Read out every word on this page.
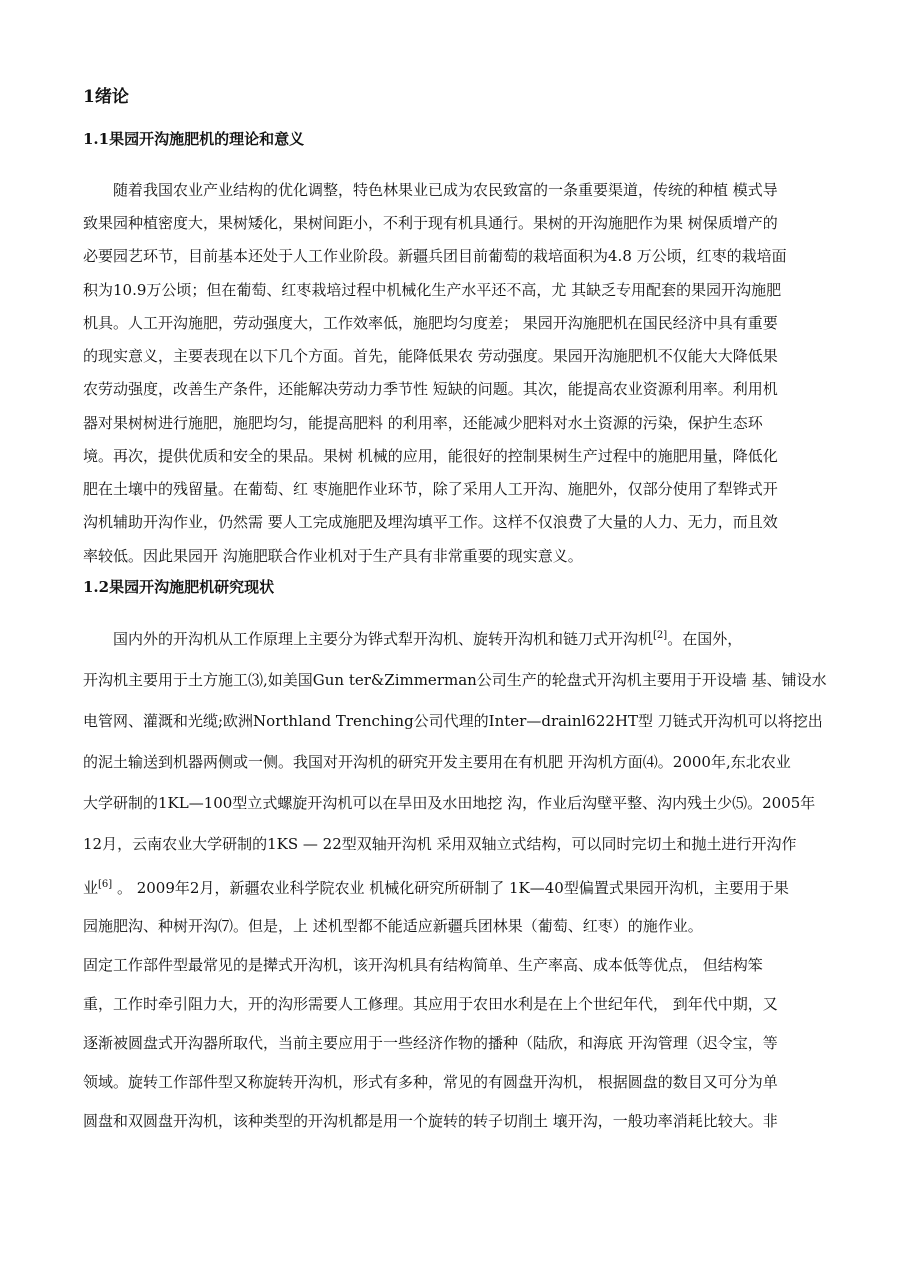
1绪论
1.1果园开沟施肥机的理论和意义

随着我国农业产业结构的优化调整，特色林果业已成为农民致富的一条重要渠道，传统的种植 模式导

致果园种植密度大，果树矮化，果树间距小，不利于现有机具通行。果树的开沟施肥作为果 树保质增产的

必要园艺环节，目前基本还处于人工作业阶段。新疆兵团目前葡萄的栽培面积为4.8 万公顷，红枣的栽培面

积为10.9万公顷；但在葡萄、红枣栽培过程中机械化生产水平还不高，尤 其缺乏专用配套的果园开沟施肥

机具。人工开沟施肥，劳动强度大，工作效率低，施肥均匀度差； 果园开沟施肥机在国民经济中具有重要

的现实意义，主要表现在以下几个方面。首先，能降低果农 劳动强度。果园开沟施肥机不仅能大大降低果

农劳动强度，改善生产条件，还能解决劳动力季节性 短缺的问题。其次，能提高农业资源利用率。利用机

器对果树树进行施肥，施肥均匀，能提高肥料 的利用率，还能减少肥料对水土资源的污染，保护生态环

境。再次，提供优质和安全的果品。果树 机械的应用，能很好的控制果树生产过程中的施肥用量，降低化

肥在土壤中的残留量。在葡萄、红 枣施肥作业环节，除了采用人工开沟、施肥外，仅部分使用了犁铧式开

沟机辅助开沟作业，仍然需 要人工完成施肥及埋沟填平工作。这样不仅浪费了大量的人力、无力，而且效

率较低。因此果园开 沟施肥联合作业机对于生产具有非常重要的现实意义。

1.2果园开沟施肥机研究现状

国内外的开沟机从工作原理上主要分为铧式犁开沟机、旋转开沟机和链刀式开沟机[2]。在国外，

开沟机主要用于土方施工⑶,如美国Gun ter&Zimmerman公司生产的轮盘式开沟机主要用于开设墙 基、铺设水

电管网、灌溉和光缆;欧洲Northland Trenching公司代理的Inter—drainl622HT型 刀链式开沟机可以将挖出

的泥土输送到机器两侧或一侧。我国对开沟机的研究开发主要用在有机肥 开沟机方面⑷。2000年,东北农业

大学研制的1KL—100型立式螺旋开沟机可以在旱田及水田地挖 沟，作业后沟壁平整、沟内残土少⑸。2005年

12月，云南农业大学研制的1KS — 22型双轴开沟机 采用双轴立式结构，可以同时完切土和抛土进行开沟作

业[6] 。 2009年2月，新疆农业科学院农业 机械化研究所研制了 1K—40型偏置式果园开沟机，主要用于果

园施肥沟、种树开沟⑺。但是，上 述机型都不能适应新疆兵团林果（葡萄、红枣）的施作业。

固定工作部件型最常见的是撵式开沟机，该开沟机具有结构简单、生产率高、成本低等优点， 但结构笨

重，工作时牵引阻力大，开的沟形需要人工修理。其应用于农田水利是在上个世纪年代， 到年代中期，又

逐渐被圆盘式开沟器所取代，当前主要应用于一些经济作物的播种（陆欣，和海底 开沟管理（迟令宝，等

领域。旋转工作部件型又称旋转开沟机，形式有多种，常见的有圆盘开沟机， 根据圆盘的数目又可分为单

圆盘和双圆盘开沟机，该种类型的开沟机都是用一个旋转的转子切削土 壤开沟，一般功率消耗比较大。非
